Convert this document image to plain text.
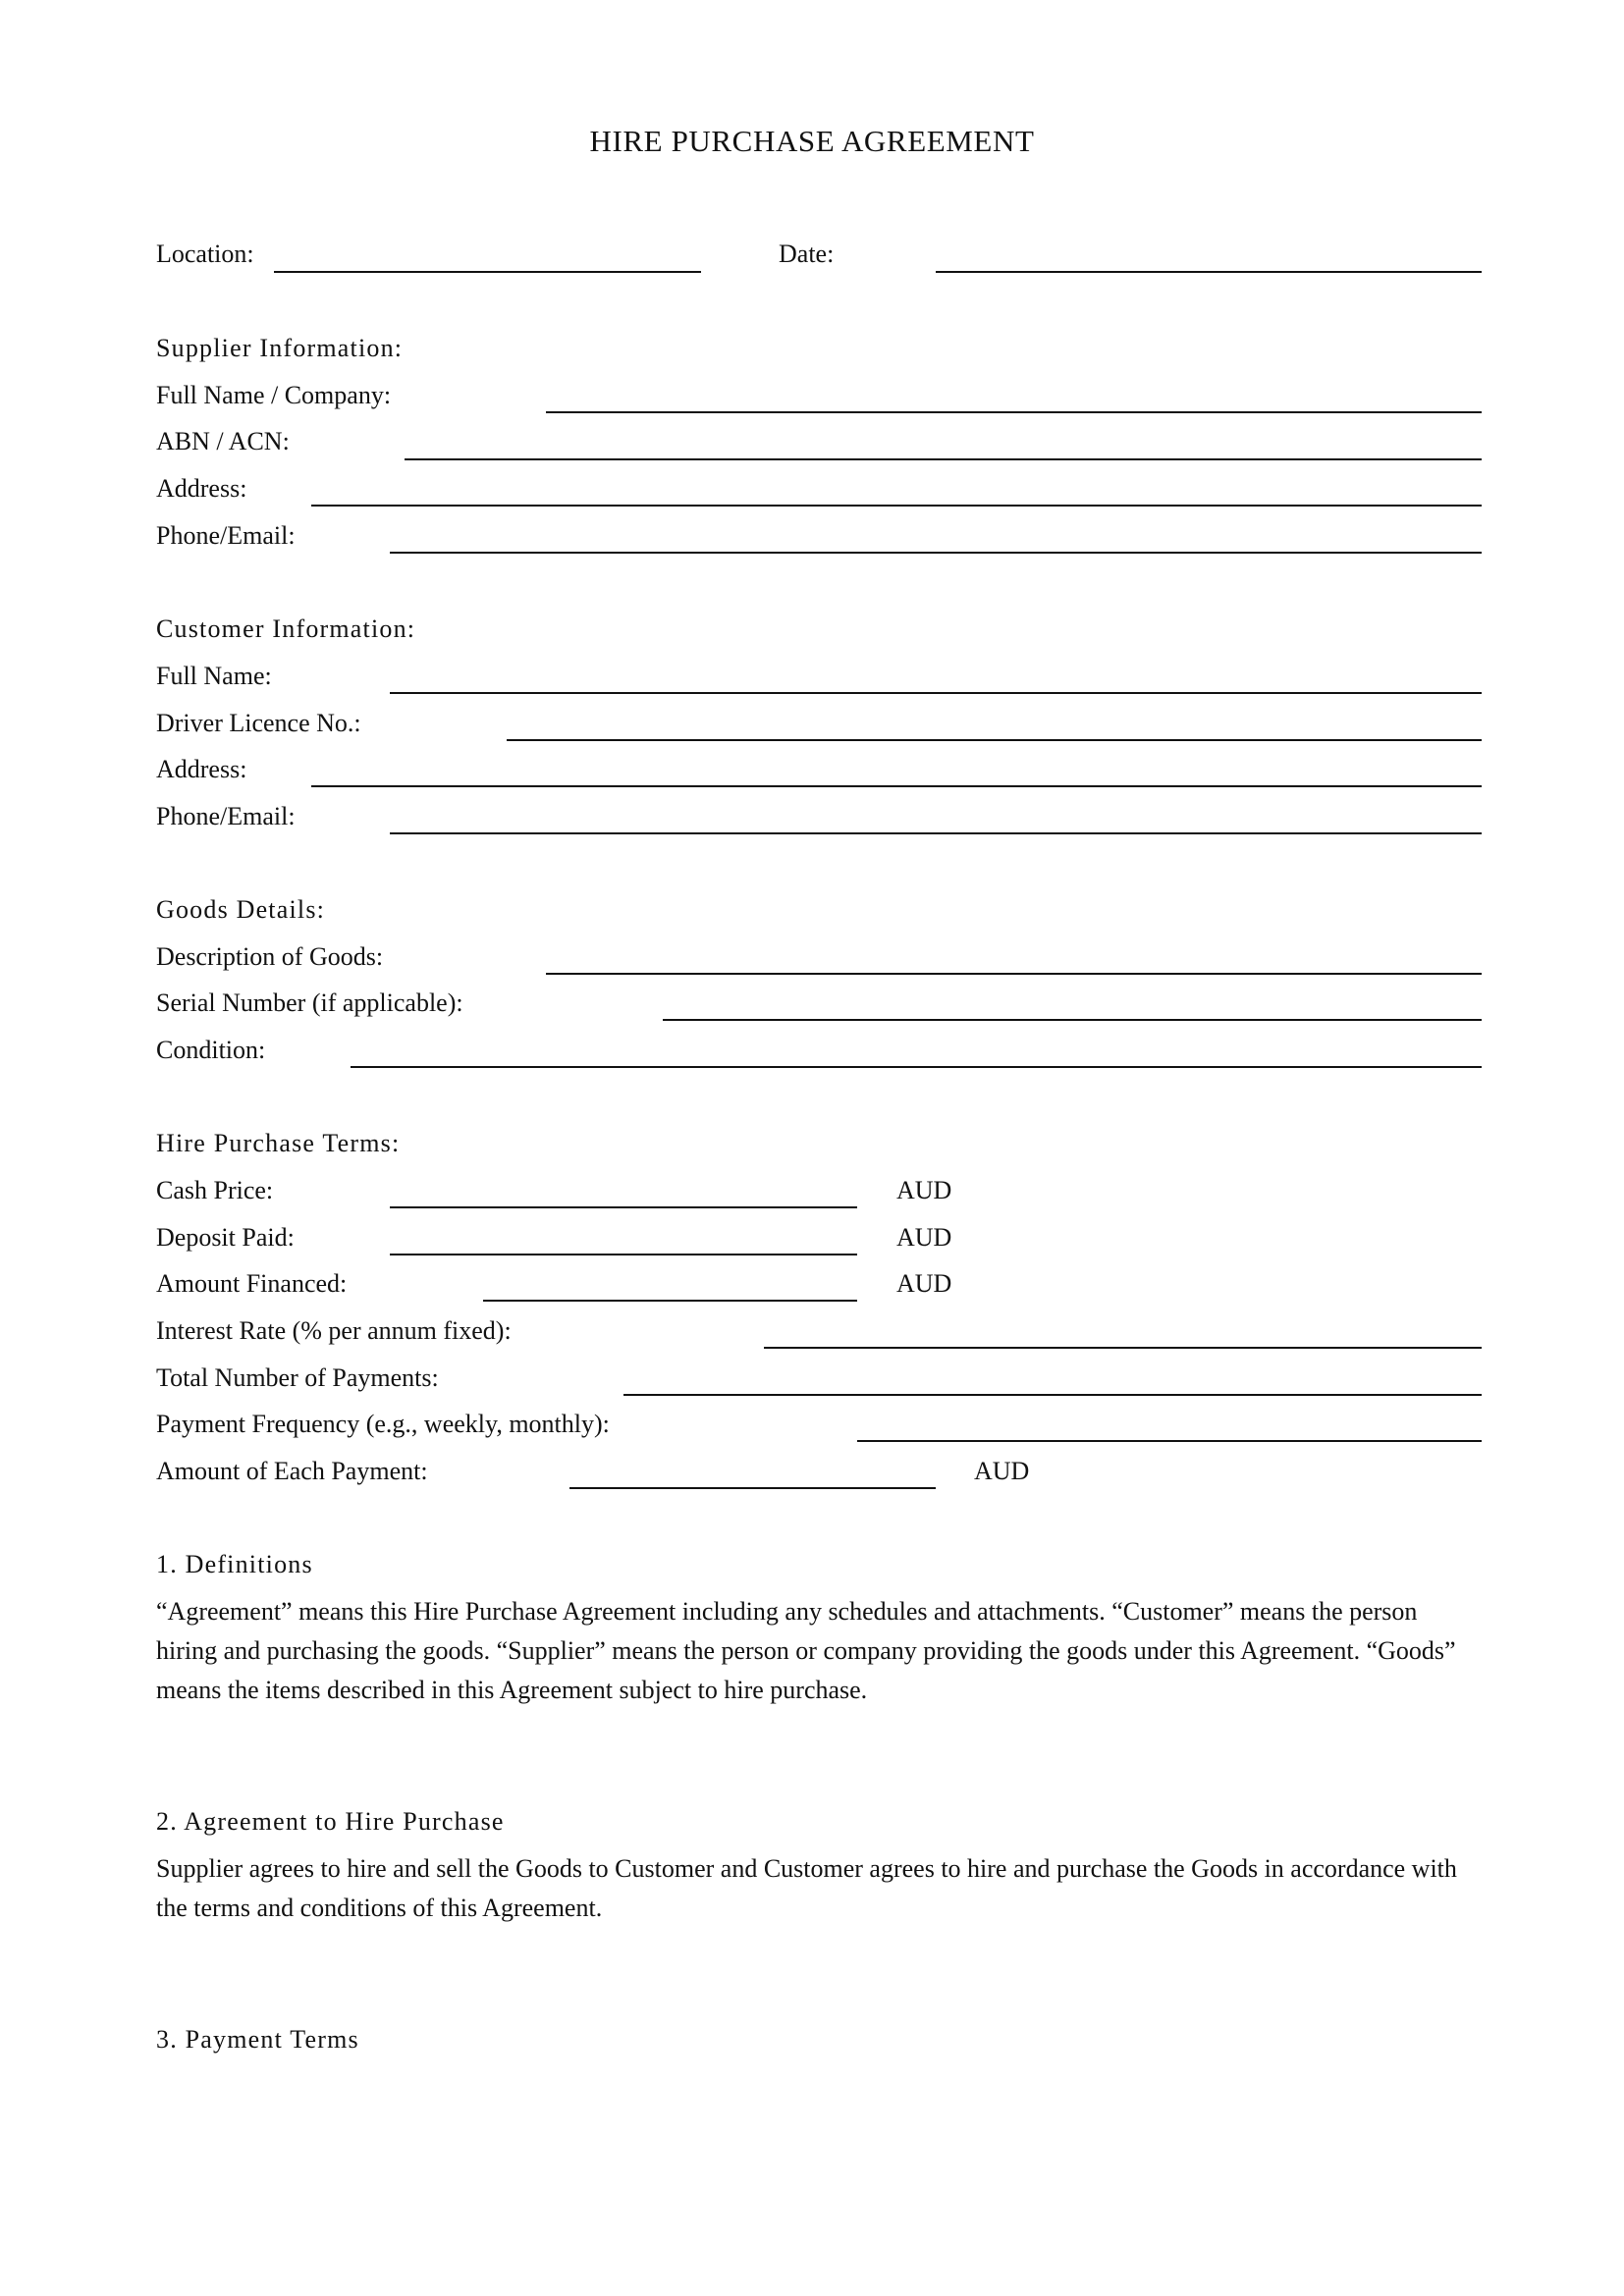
HIRE PURCHASE AGREEMENT
Location:	Date:
Supplier Information:
Full Name / Company:
ABN / ACN:
Address:
Phone/Email:
Customer Information:
Full Name:
Driver Licence No.:
Address:
Phone/Email:
Goods Details:
Description of Goods:
Serial Number (if applicable):
Condition:
Hire Purchase Terms:
Cash Price:	AUD
Deposit Paid:	AUD
Amount Financed:	AUD
Interest Rate (% per annum fixed):
Total Number of Payments:
Payment Frequency (e.g., weekly, monthly):
Amount of Each Payment:	AUD
1. Definitions
“Agreement” means this Hire Purchase Agreement including any schedules and attachments. “Customer” means the person hiring and purchasing the goods. “Supplier” means the person or company providing the goods under this Agreement. “Goods” means the items described in this Agreement subject to hire purchase.
2. Agreement to Hire Purchase
Supplier agrees to hire and sell the Goods to Customer and Customer agrees to hire and purchase the Goods in accordance with the terms and conditions of this Agreement.
3. Payment Terms
